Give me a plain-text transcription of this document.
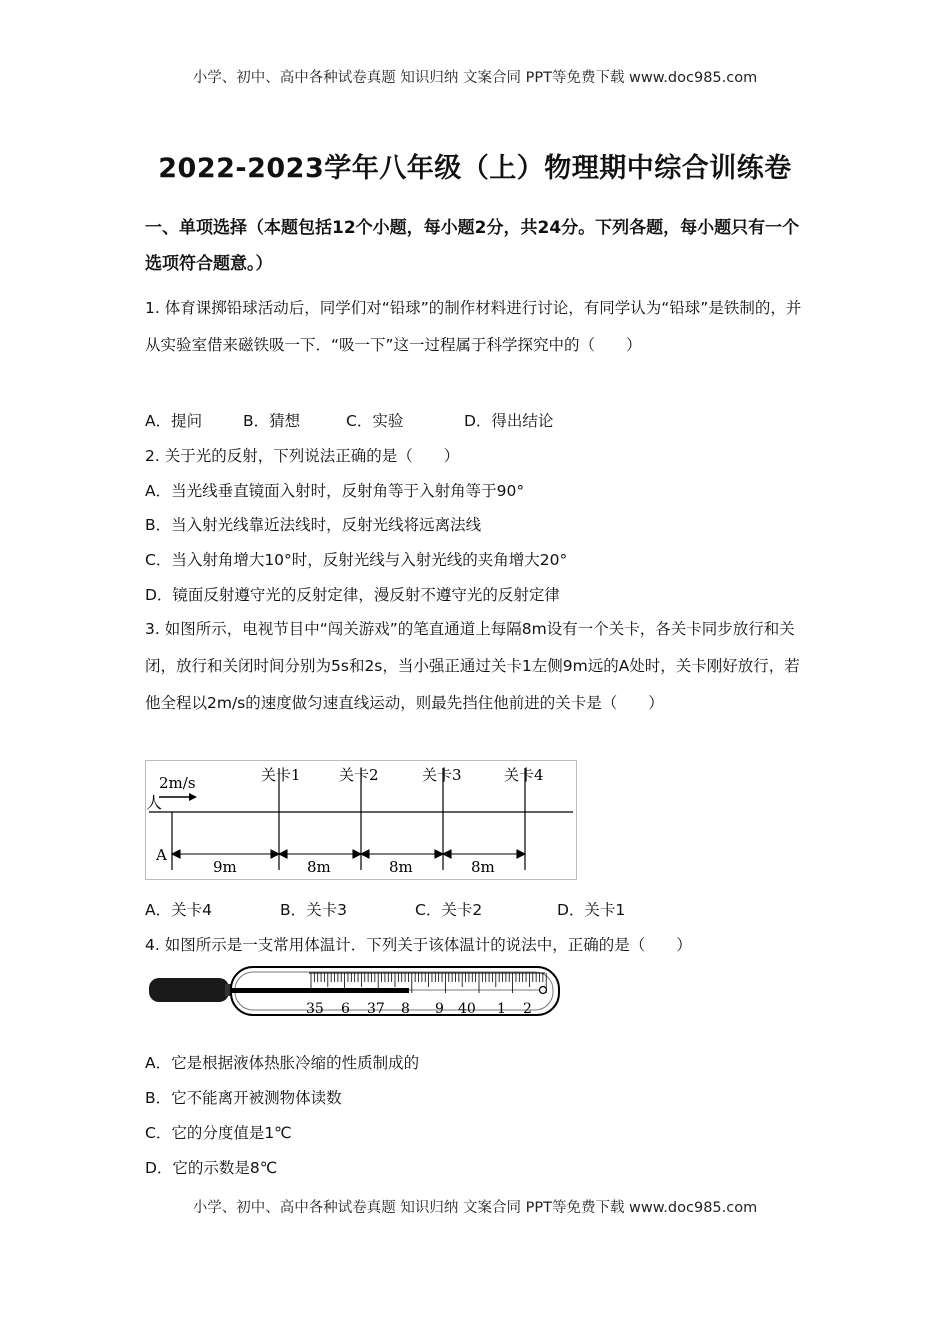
小学、初中、高中各种试卷真题 知识归纳 文案合同 PPT等免费下载 www.doc985.com
2022-2023学年八年级（上）物理期中综合训练卷
一、单项选择（本题包括12个小题，每小题2分，共24分。下列各题，每小题只有一个选项符合题意。）
1. 体育课掷铅球活动后，同学们对“铅球”的制作材料进行讨论，有同学认为“铅球”是铁制的，并从实验室借来磁铁吸一下．“吸一下”这一过程属于科学探究中的（　　）
A．提问	B．猜想	C．实验	D．得出结论
2. 关于光的反射，下列说法正确的是（　　）
A．当光线垂直镜面入射时，反射角等于入射角等于90°
B．当入射光线靠近法线时，反射光线将远离法线
C．当入射角增大10°时，反射光线与入射光线的夹角增大20°
D．镜面反射遵守光的反射定律，漫反射不遵守光的反射定律
3. 如图所示，电视节目中“闯关游戏”的笔直通道上每隔8m设有一个关卡，各关卡同步放行和关闭，放行和关闭时间分别为5s和2s，当小强正通过关卡1左侧9m远的A处时，关卡刚好放行，若他全程以2m/s的速度做匀速直线运动，则最先挡住他前进的关卡是（　　）
2m/s
人
关卡1	关卡2	关卡3	关卡4
A
9m	8m	8m	8m
A．关卡4	B．关卡3	C．关卡2	D．关卡1
4. 如图所示是一支常用体温计．下列关于该体温计的说法中，正确的是（　　）
35 6 37 8 9 40 1 2
A．它是根据液体热胀冷缩的性质制成的
B．它不能离开被测物体读数
C．它的分度值是1℃
D．它的示数是8℃
小学、初中、高中各种试卷真题 知识归纳 文案合同 PPT等免费下载 www.doc985.com
